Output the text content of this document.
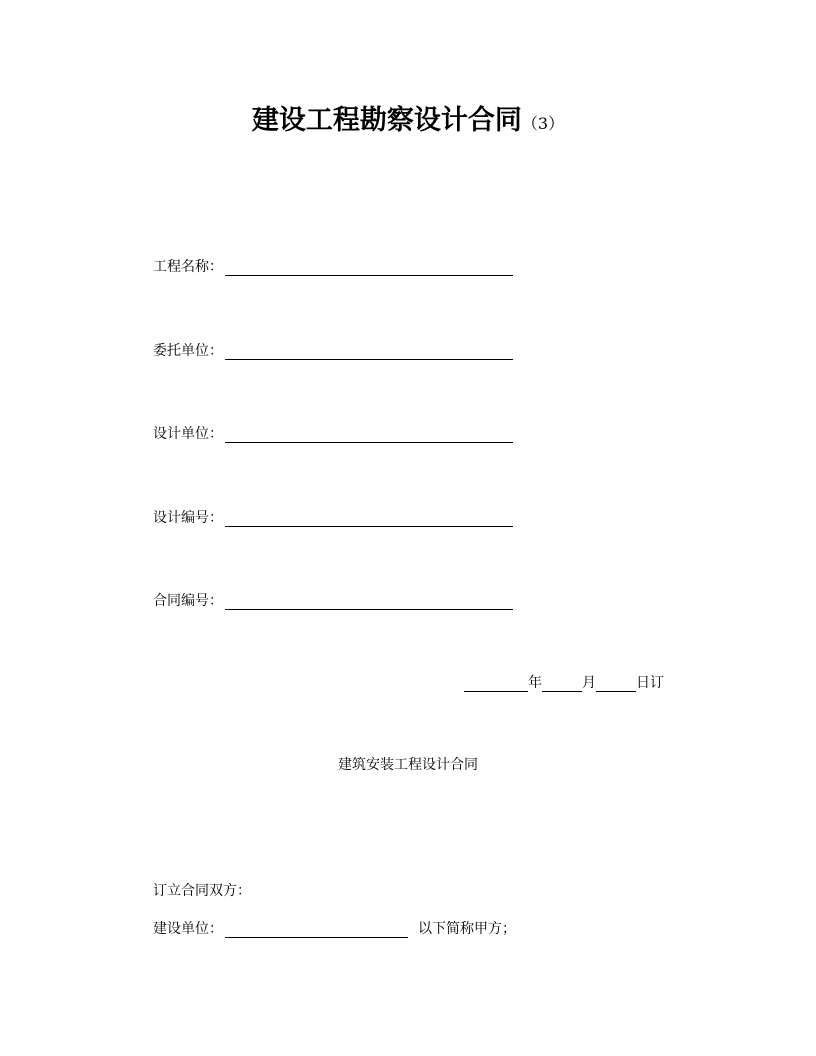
建设工程勘察设计合同（3）
工程名称：
委托单位：
设计单位：
设计编号：
合同编号：
年	月	日订
建筑安装工程设计合同
订立合同双方：
建设单位：	以下简称甲方；
